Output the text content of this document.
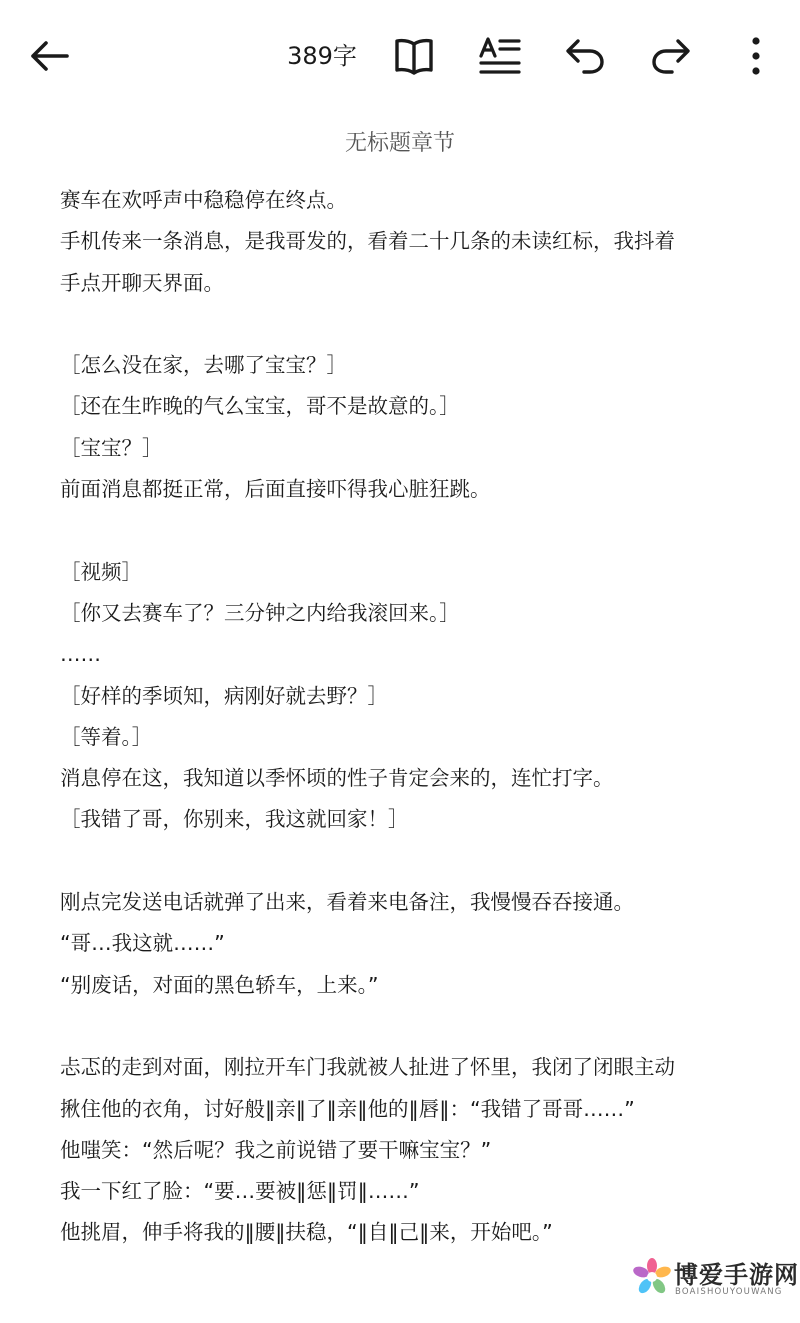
389字
无标题章节
赛车在欢呼声中稳稳停在终点。
手机传来一条消息，是我哥发的，看着二十几条的未读红标，我抖着
手点开聊天界面。
［怎么没在家，去哪了宝宝？］
［还在生昨晚的气么宝宝，哥不是故意的。］
［宝宝？］
前面消息都挺正常，后面直接吓得我心脏狂跳。
［视频］
［你又去赛车了？三分钟之内给我滚回来。］
……
［好样的季顷知，病刚好就去野？］
［等着。］
消息停在这，我知道以季怀顷的性子肯定会来的，连忙打字。
［我错了哥，你别来，我这就回家！］
刚点完发送电话就弹了出来，看着来电备注，我慢慢吞吞接通。
“哥…我这就……”
“别废话，对面的黑色轿车，上来。”
忐忑的走到对面，刚拉开车门我就被人扯进了怀里，我闭了闭眼主动
揪住他的衣角，讨好般‖亲‖了‖亲‖他的‖唇‖：“我错了哥哥……”
他嗤笑：“然后呢？我之前说错了要干嘛宝宝？”
我一下红了脸：“要…要被‖惩‖罚‖……”
他挑眉，伸手将我的‖腰‖扶稳，“‖自‖己‖来，开始吧。”
博爱手游网
BOAISHOUYOUWANG
